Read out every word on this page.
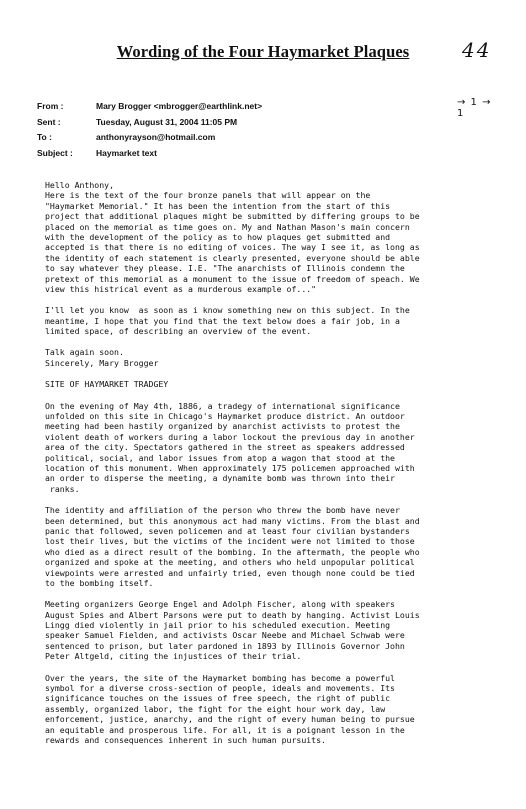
Wording of the Four Haymarket Plaques	44
From :	Mary Brogger <mbrogger@earthlink.net>	→ 1 → 1
Sent :	Tuesday, August 31, 2004 11:05 PM
To :	anthonyrayson@hotmail.com
Subject :	Haymarket text
Hello Anthony,
Here is the text of the four bronze panels that will appear on the
"Haymarket Memorial." It has been the intention from the start of this
project that additional plaques might be submitted by differing groups to be
placed on the memorial as time goes on. My and Nathan Mason's main concern
with the development of the policy as to how plaques get submitted and
accepted is that there is no editing of voices. The way I see it, as long as
the identity of each statement is clearly presented, everyone should be able
to say whatever they please. I.E. "The anarchists of Illinois condemn the
pretext of this memorial as a monument to the issue of freedom of speach. We
view this histrical event as a murderous example of..."
I'll let you know  as soon as i know something new on this subject. In the
meantime, I hope that you find that the text below does a fair job, in a
limited space, of describing an overview of the event.
Talk again soon.
Sincerely, Mary Brogger
SITE OF HAYMARKET TRADGEY
On the evening of May 4th, 1886, a tradegy of international significance
unfolded on this site in Chicago's Haymarket produce district. An outdoor
meeting had been hastily organized by anarchist activists to protest the
violent death of workers during a labor lockout the previous day in another
area of the city. Spectators gathered in the street as speakers addressed
political, social, and labor issues from atop a wagon that stood at the
location of this monument. When approximately 175 policemen approached with
an order to disperse the meeting, a dynamite bomb was thrown into their
ranks.
The identity and affiliation of the person who threw the bomb have never
been determined, but this anonymous act had many victims. From the blast and
panic that followed, seven policemen and at least four civilian bystanders
lost their lives, but the victims of the incident were not limited to those
who died as a direct result of the bombing. In the aftermath, the people who
organized and spoke at the meeting, and others who held unpopular political
viewpoints were arrested and unfairly tried, even though none could be tied
to the bombing itself.
Meeting organizers George Engel and Adolph Fischer, along with speakers
August Spies and Albert Parsons were put to death by hanging. Activist Louis
Lingg died violently in jail prior to his scheduled execution. Meeting
speaker Samuel Fielden, and activists Oscar Neebe and Michael Schwab were
sentenced to prison, but later pardoned in 1893 by Illinois Governor John
Peter Altgeld, citing the injustices of their trial.
Over the years, the site of the Haymarket bombing has become a powerful
symbol for a diverse cross-section of people, ideals and movements. Its
significance touches on the issues of free speech, the right of public
assembly, organized labor, the fight for the eight hour work day, law
enforcement, justice, anarchy, and the right of every human being to pursue
an equitable and prosperous life. For all, it is a poignant lesson in the
rewards and consequences inherent in such human pursuits.
